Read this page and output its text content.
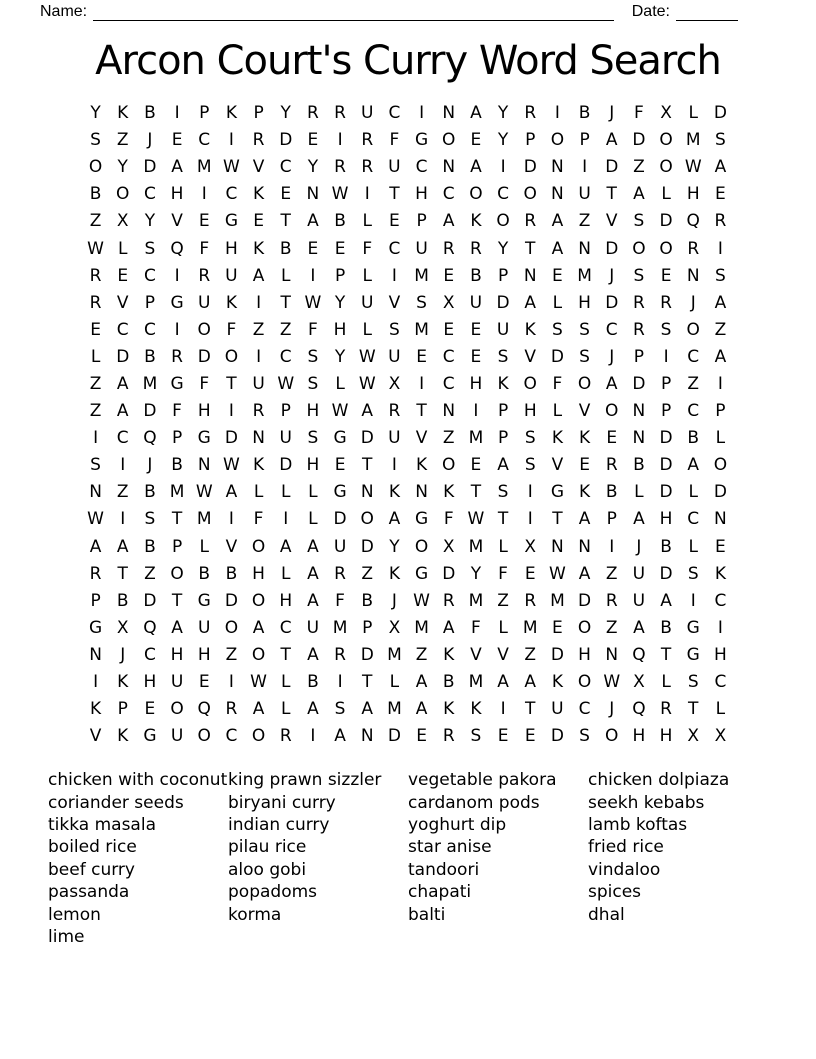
Name:	Date:
Arcon Court's Curry Word Search
Y K B	I	P K P Y R R U C	I	N A Y R	I	B	J	F X L D
S Z	J	E C	I	R D E	I	R F G O E Y P O P A D O M S
O Y D A M W V C Y R R U C N A	I	D N	I	D Z O W A
B O C H	I	C K E N W I	T H C O C O N U T A L H E
Z X Y V E G E T A B L	E P A K O R A Z V S D Q R
W L	S Q F H K B E E F C U R R Y T A N D O O R	I
R E C	I	R U A L	I	P	L	I	M E B P N E M	J	S E N S
R V P G U K	I	T W Y U V S X U D A L H D R R	J	A
E C C	I	O F Z Z F H L	S M E E U K S S C R S O Z
L D B R D O	I	C S Y W U E C E S V D S	J	P	I	C A
Z A M G F	T U W S	L W X	I	C H K O F O A D P Z	I
Z A D F H	I	R P H W A R T N	I	P H L V O N P C P
I	C Q P G D N U S G D U V Z M P S K K E N D B L
S	I	J	B N W K D H E T	I	K O E A S V E R B D A O
N Z B M W A L	L	L G N K N K T S	I	G K B L D L D
W I	S T M	I	F	I	L D O A G F W T	I	T A P A H C N
A A B P	L V O A A U D Y O X M L X N N	I	J	B L	E
R T Z O B B H L A R Z K G D Y	F E W A Z U D S K
P B D T G D O H A F B	J W R M Z R M D R U A	I	C
G X Q A U O A C U M P X M A F	L M E O Z A B G	I
N	J	C H H Z O T A R D M Z K V V Z D H N Q T G H
I	K H U E	I W L B	I	T	L A B M A A K O W X L	S C
K P E O Q R A L A S A M A K K	I	T U C	J	Q R T	L
V K G U O C O R	I	A N D E R S E E D S O H H X X
chicken with coconut
coriander seeds
tikka masala
boiled rice
beef curry
passanda
lemon
lime
king prawn sizzler
biryani curry
indian curry
pilau rice
aloo gobi
popadoms
korma
vegetable pakora
cardanom pods
yoghurt dip
star anise
tandoori
chapati
balti
chicken dolpiaza
seekh kebabs
lamb koftas
fried rice
vindaloo
spices
dhal
